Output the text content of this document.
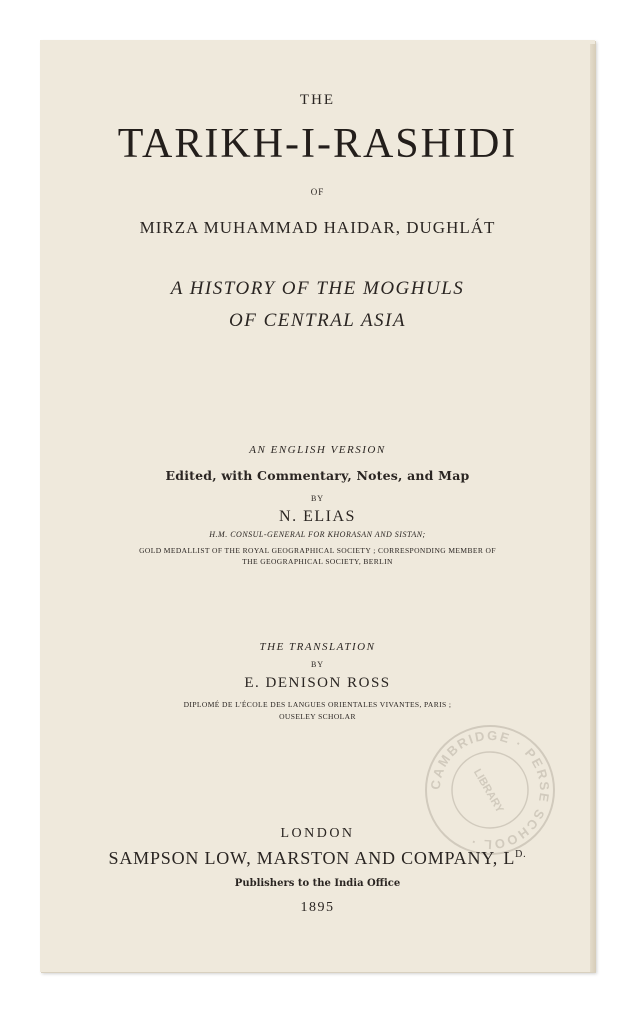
THE
TARIKH-I-RASHIDI
OF
MIRZA MUHAMMAD HAIDAR, DUGHLÁT
A HISTORY OF THE MOGHULS
OF CENTRAL ASIA
AN ENGLISH VERSION
Edited, with Commentary, Notes, and Map
BY
N. ELIAS
H.M. CONSUL-GENERAL FOR KHORASAN AND SISTAN;
GOLD MEDALLIST OF THE ROYAL GEOGRAPHICAL SOCIETY ; CORRESPONDING MEMBER OF
THE GEOGRAPHICAL SOCIETY, BERLIN
THE TRANSLATION
BY
E. DENISON ROSS
DIPLOMÉ DE L'ÉCOLE DES LANGUES ORIENTALES VIVANTES, PARIS ;
OUSELEY SCHOLAR
CAMBRIDGE · PERSE SCHOOL ·
LIBRARY
LONDON
SAMPSON LOW, MARSTON AND COMPANY, $L^{D.}$
Publishers to the India Office
1895
